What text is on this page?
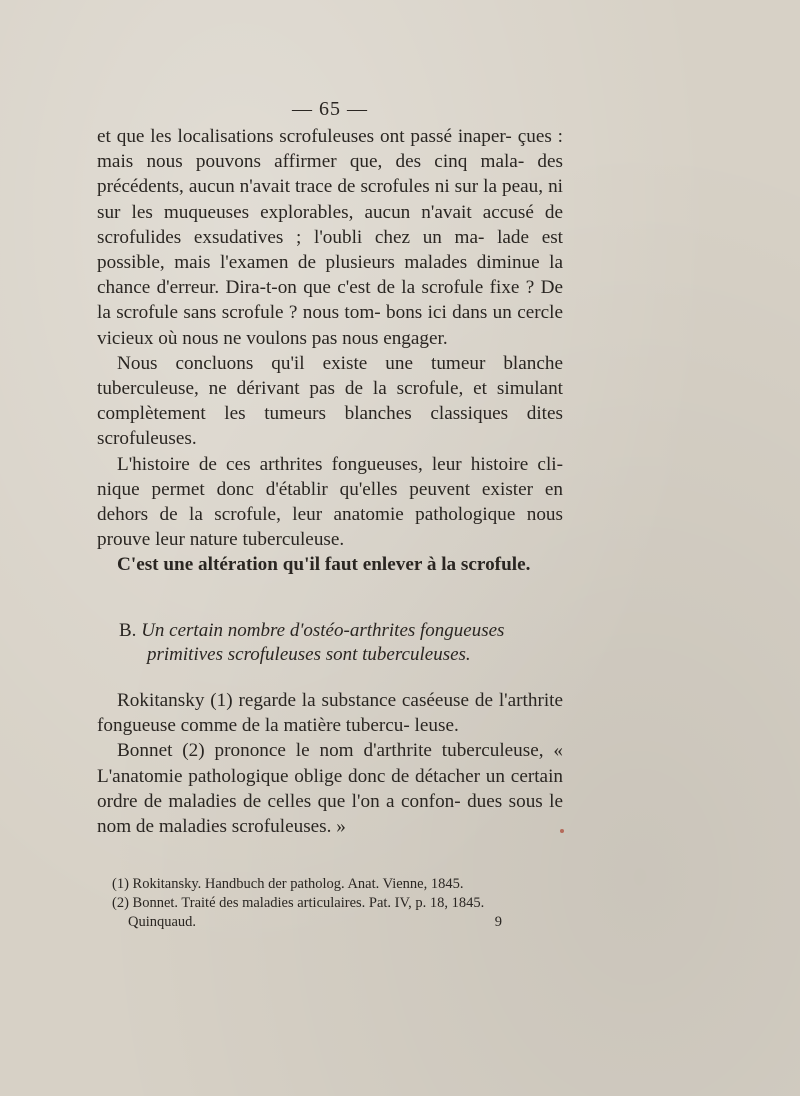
— 65 —

et que les localisations scrofuleuses ont passé inaper- çues : mais nous pouvons affirmer que, des cinq mala- des précédents, aucun n'avait trace de scrofules ni sur la peau, ni sur les muqueuses explorables, aucun n'avait accusé de scrofulides exsudatives ; l'oubli chez un ma- lade est possible, mais l'examen de plusieurs malades diminue la chance d'erreur. Dira-t-on que c'est de la scrofule fixe ? De la scrofule sans scrofule ? nous tom- bons ici dans un cercle vicieux où nous ne voulons pas nous engager.

Nous concluons qu'il existe une tumeur blanche tuberculeuse, ne dérivant pas de la scrofule, et simulant complètement les tumeurs blanches classiques dites scrofuleuses.

L'histoire de ces arthrites fongueuses, leur histoire cli- nique permet donc d'établir qu'elles peuvent exister en dehors de la scrofule, leur anatomie pathologique nous prouve leur nature tuberculeuse.

C'est une altération qu'il faut enlever à la scrofule.

B. Un certain nombre d'ostéo-arthrites fongueuses
primitives scrofuleuses sont tuberculeuses.

Rokitansky (1) regarde la substance caséeuse de l'arthrite fongueuse comme de la matière tubercu- leuse.

Bonnet (2) prononce le nom d'arthrite tuberculeuse, « L'anatomie pathologique oblige donc de détacher un certain ordre de maladies de celles que l'on a confon- dues sous le nom de maladies scrofuleuses. »

(1) Rokitansky. Handbuch der patholog. Anat. Vienne, 1845.
(2) Bonnet. Traité des maladies articulaires. Pat. IV, p. 18, 1845.
Quinquaud.	9
